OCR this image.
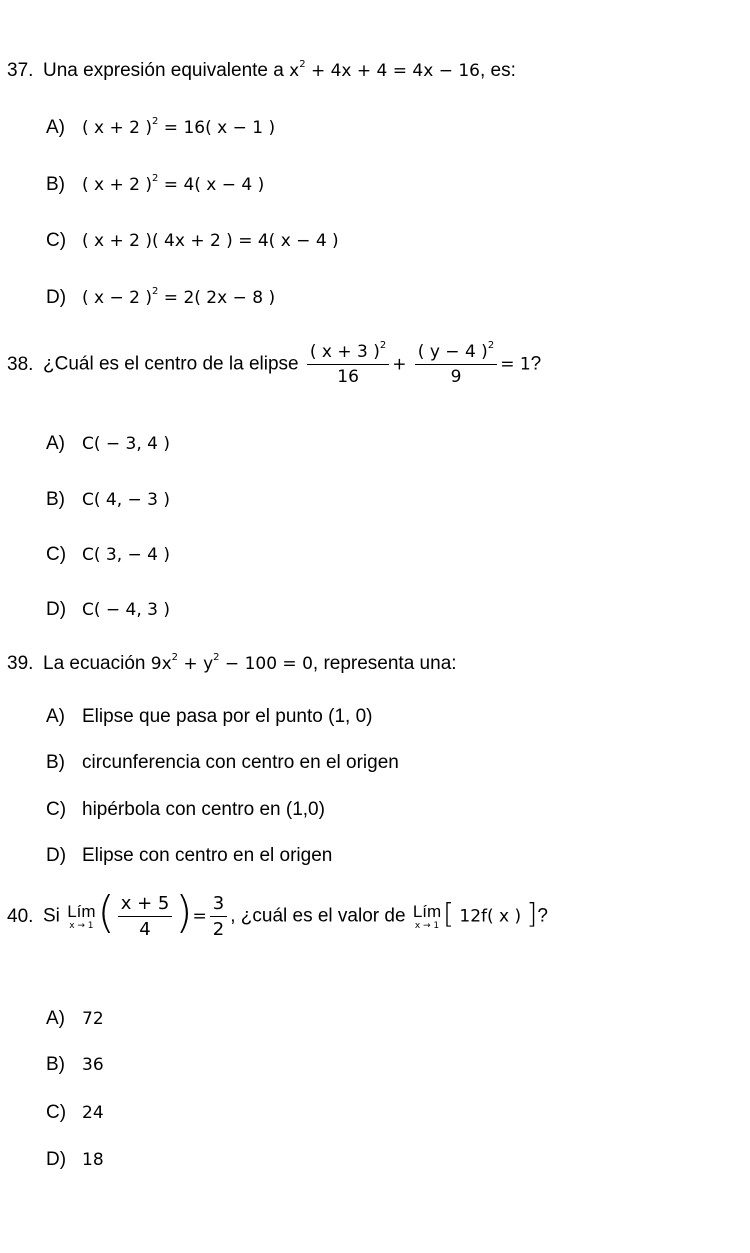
37. Una expresión equivalente a $x^2 + 4x + 4 = 4x - 16$, es:
A) ( x + 2 )$^2$ = 16( x − 1 )
B) ( x + 2 )$^2$ = 4( x − 4 )
C) ( x + 2 )( 4x + 2 ) = 4( x − 4 )
D) ( x − 2 )$^2$ = 2( 2x − 8 )
38. ¿Cuál es el centro de la elipse $\frac{( x + 3 )^2}{16} + \frac{( y - 4 )^2}{9} = 1$?
A) C( − 3, 4 )
B) C( 4, − 3 )
C) C( 3, − 4 )
D) C( − 4, 3 )
39. La ecuación $9x^2 + y^2 - 100 = 0$, representa una:
A) Elipse que pasa por el punto (1, 0)
B) circunferencia con centro en el origen
C) hipérbola con centro en (1,0)
D) Elipse con centro en el origen
40. Si Lím
x → 1 ( $\frac{x + 5}{4}$ )= $\frac{3}{2}$ , ¿cuál es el valor de Lím
x → 1 [ 12f( x ) ]?
A) 72
B) 36
C) 24
D) 18
